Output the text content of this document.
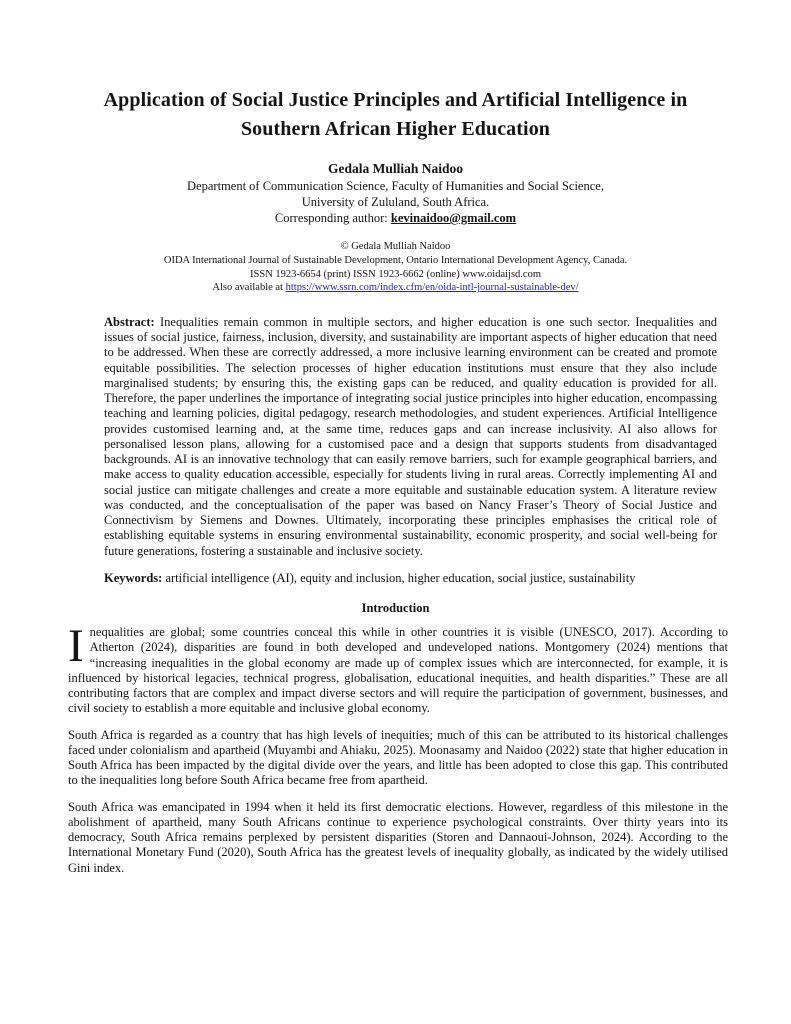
Application of Social Justice Principles and Artificial Intelligence in Southern African Higher Education
Gedala Mulliah Naidoo
Department of Communication Science, Faculty of Humanities and Social Science,
University of Zululand, South Africa.
Corresponding author: kevinaidoo@gmail.com
© Gedala Mulliah Naidoo
OIDA International Journal of Sustainable Development, Ontario International Development Agency, Canada.
ISSN 1923-6654 (print) ISSN 1923-6662 (online) www.oidaijsd.com
Also available at https://www.ssrn.com/index.cfm/en/oida-intl-journal-sustainable-dev/
Abstract: Inequalities remain common in multiple sectors, and higher education is one such sector. Inequalities and issues of social justice, fairness, inclusion, diversity, and sustainability are important aspects of higher education that need to be addressed. When these are correctly addressed, a more inclusive learning environment can be created and promote equitable possibilities. The selection processes of higher education institutions must ensure that they also include marginalised students; by ensuring this, the existing gaps can be reduced, and quality education is provided for all. Therefore, the paper underlines the importance of integrating social justice principles into higher education, encompassing teaching and learning policies, digital pedagogy, research methodologies, and student experiences. Artificial Intelligence provides customised learning and, at the same time, reduces gaps and can increase inclusivity. AI also allows for personalised lesson plans, allowing for a customised pace and a design that supports students from disadvantaged backgrounds. AI is an innovative technology that can easily remove barriers, such for example geographical barriers, and make access to quality education accessible, especially for students living in rural areas. Correctly implementing AI and social justice can mitigate challenges and create a more equitable and sustainable education system. A literature review was conducted, and the conceptualisation of the paper was based on Nancy Fraser’s Theory of Social Justice and Connectivism by Siemens and Downes. Ultimately, incorporating these principles emphasises the critical role of establishing equitable systems in ensuring environmental sustainability, economic prosperity, and social well-being for future generations, fostering a sustainable and inclusive society.
Keywords: artificial intelligence (AI), equity and inclusion, higher education, social justice, sustainability
Introduction

Inequalities are global; some countries conceal this while in other countries it is visible (UNESCO, 2017). According to Atherton (2024), disparities are found in both developed and undeveloped nations. Montgomery (2024) mentions that “increasing inequalities in the global economy are made up of complex issues which are interconnected, for example, it is influenced by historical legacies, technical progress, globalisation, educational inequities, and health disparities.” These are all contributing factors that are complex and impact diverse sectors and will require the participation of government, businesses, and civil society to establish a more equitable and inclusive global economy.

South Africa is regarded as a country that has high levels of inequities; much of this can be attributed to its historical challenges faced under colonialism and apartheid (Muyambi and Ahiaku, 2025). Moonasamy and Naidoo (2022) state that higher education in South Africa has been impacted by the digital divide over the years, and little has been adopted to close this gap. This contributed to the inequalities long before South Africa became free from apartheid.

South Africa was emancipated in 1994 when it held its first democratic elections. However, regardless of this milestone in the abolishment of apartheid, many South Africans continue to experience psychological constraints. Over thirty years into its democracy, South Africa remains perplexed by persistent disparities (Storen and Dannaoui-Johnson, 2024). According to the International Monetary Fund (2020), South Africa has the greatest levels of inequality globally, as indicated by the widely utilised Gini index.
